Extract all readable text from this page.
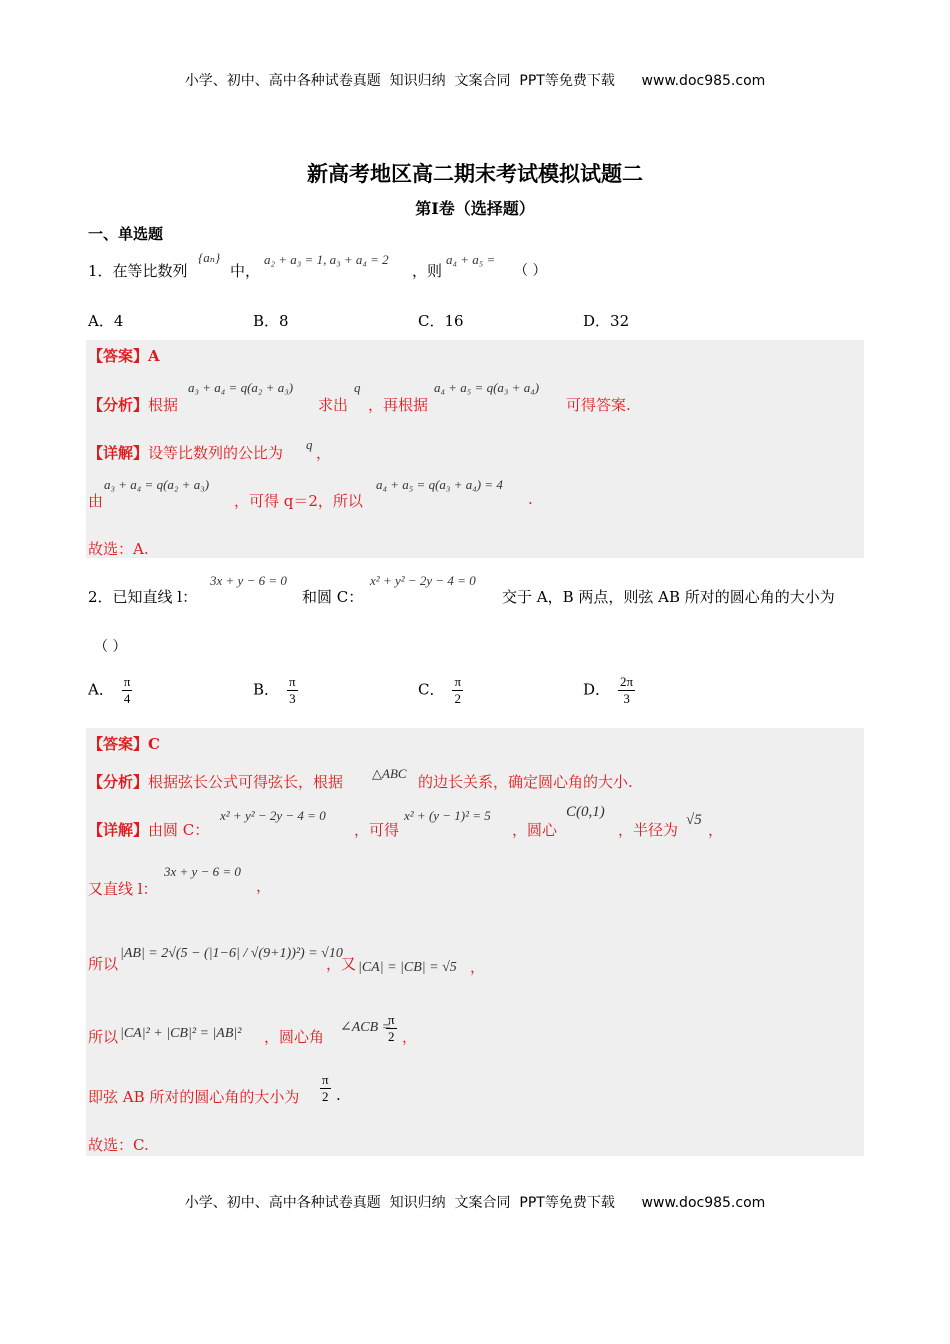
小学、初中、高中各种试卷真题  知识归纳  文案合同  PPT等免费下载      www.doc985.com
新高考地区高二期末考试模拟试题二
第Ⅰ卷（选择题）
一、单选题
1．在等比数列
{aₙ}
中，
a₂ + a₃ = 1, a₃ + a₄ = 2
，则
a₄ + a₅ =
（ ）
A．4	B．8	C．16	D．32
【答案】A
【分析】根据
a₃ + a₄ = q(a₂ + a₃)
求出
q
，再根据
a₄ + a₅ = q(a₃ + a₄)
可得答案.
【详解】设等比数列的公比为 q ，
由
a₃ + a₄ = q(a₂ + a₃)
，可得 q＝2，所以
a₄ + a₅ = q(a₃ + a₄) = 4
.
故选：A.
2．已知直线 l：
3x + y − 6 = 0
和圆 C：
x² + y² − 2y − 4 = 0
交于 A，B 两点，则弦 AB 所对的圆心角的大小为
（ ）
A． $\frac{\pi}{4}$	B． $\frac{\pi}{3}$	C． $\frac{\pi}{2}$	D． $\frac{2\pi}{3}$
【答案】C
【分析】根据弦长公式可得弦长，根据 △ABC 的边长关系，确定圆心角的大小.
【详解】由圆 C：
x² + y² − 2y − 4 = 0
，可得
x² + (y − 1)² = 5
，圆心
C(0,1)
，半径为
√5
，
3x + y − 6 = 0
，
又直线 l：
所以
|AB| = 2√(5 − (|1−6| / √(9+1))²) = √10
，又 |CA| = |CB| = √5 ，
所以 |CA|² + |CB|² = |AB|² ，圆心角
∠ACB =
$\frac{\pi}{2}$ ，
即弦 AB 所对的圆心角的大小为 $\frac{\pi}{2}$ .
故选：C.
小学、初中、高中各种试卷真题  知识归纳  文案合同  PPT等免费下载      www.doc985.com
